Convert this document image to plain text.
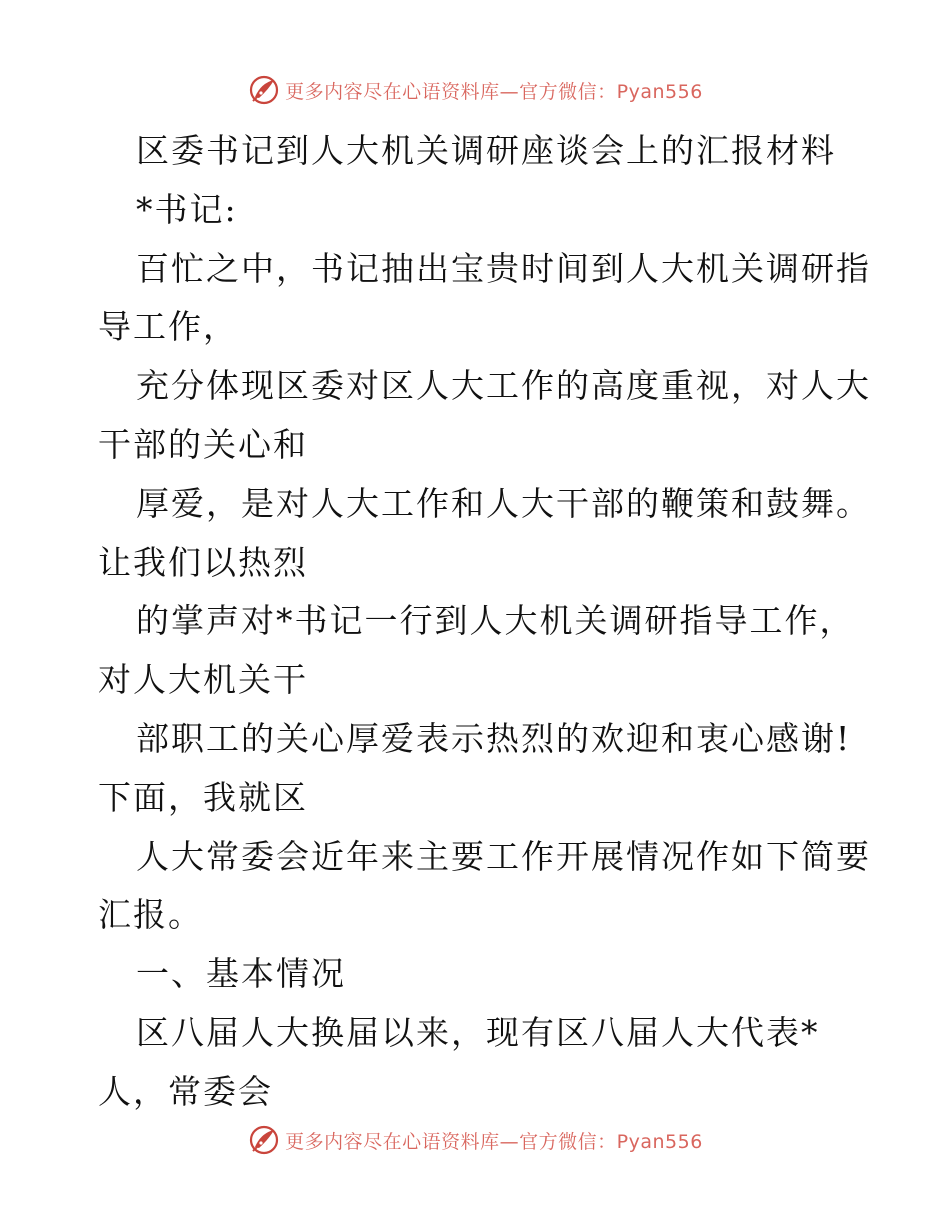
更多内容尽在心语资料库—官方微信：Pyan556
区委书记到人大机关调研座谈会上的汇报材料
*书记:
百忙之中，书记抽出宝贵时间到人大机关调研指
导工作，
充分体现区委对区人大工作的高度重视，对人大
干部的关心和
厚爱，是对人大工作和人大干部的鞭策和鼓舞。
让我们以热烈
的掌声对*书记一行到人大机关调研指导工作，
对人大机关干
部职工的关心厚爱表示热烈的欢迎和衷心感谢!
下面，我就区
人大常委会近年来主要工作开展情况作如下简要
汇报。
一、基本情况
区八届人大换届以来，现有区八届人大代表*
人，常委会
更多内容尽在心语资料库—官方微信：Pyan556
